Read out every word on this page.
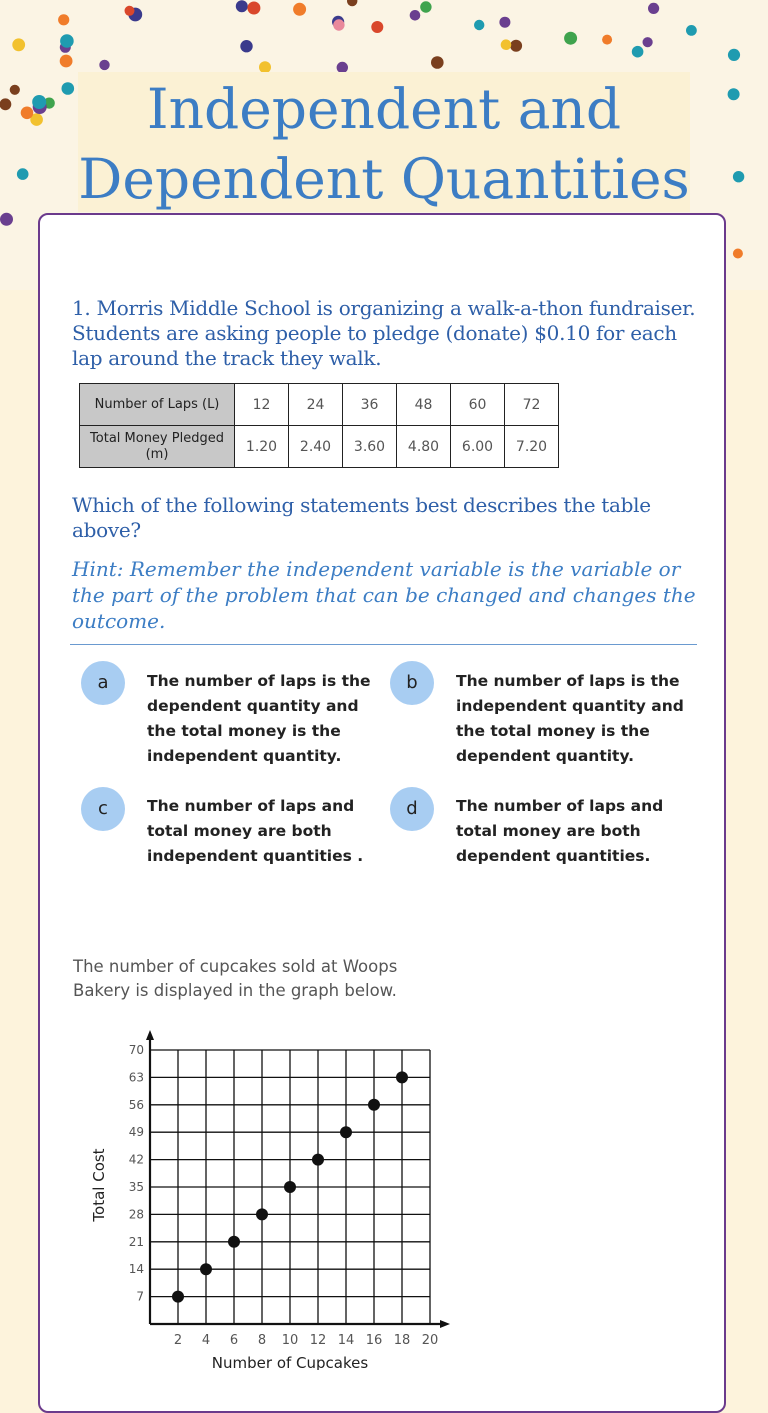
Independent and Dependent Quantities

1. Morris Middle School is organizing a walk-a-thon fundraiser. Students are asking people to pledge (donate) $0.10 for each lap around the track they walk.

Number of Laps (L)	12	24	36	48	60	72
Total Money Pledged (m)	1.20	2.40	3.60	4.80	6.00	7.20

Which of the following statements best describes the table above?

Hint: Remember the independent variable is the variable or the part of the problem that can be changed and changes the outcome.

a	The number of laps is the dependent quantity and the total money is the independent quantity.

b	The number of laps is the independent quantity and the total money is the dependent quantity.

c	The number of laps and total money are both independent quantities .

d	The number of laps and total money are both dependent quantities.

The number of cupcakes sold at Woops Bakery is displayed in the graph below.

2 4 6 8 10 12 14 16 18 20
7
14
21
28
35
42
49
56
63
70
Number of Cupcakes
Total Cost
